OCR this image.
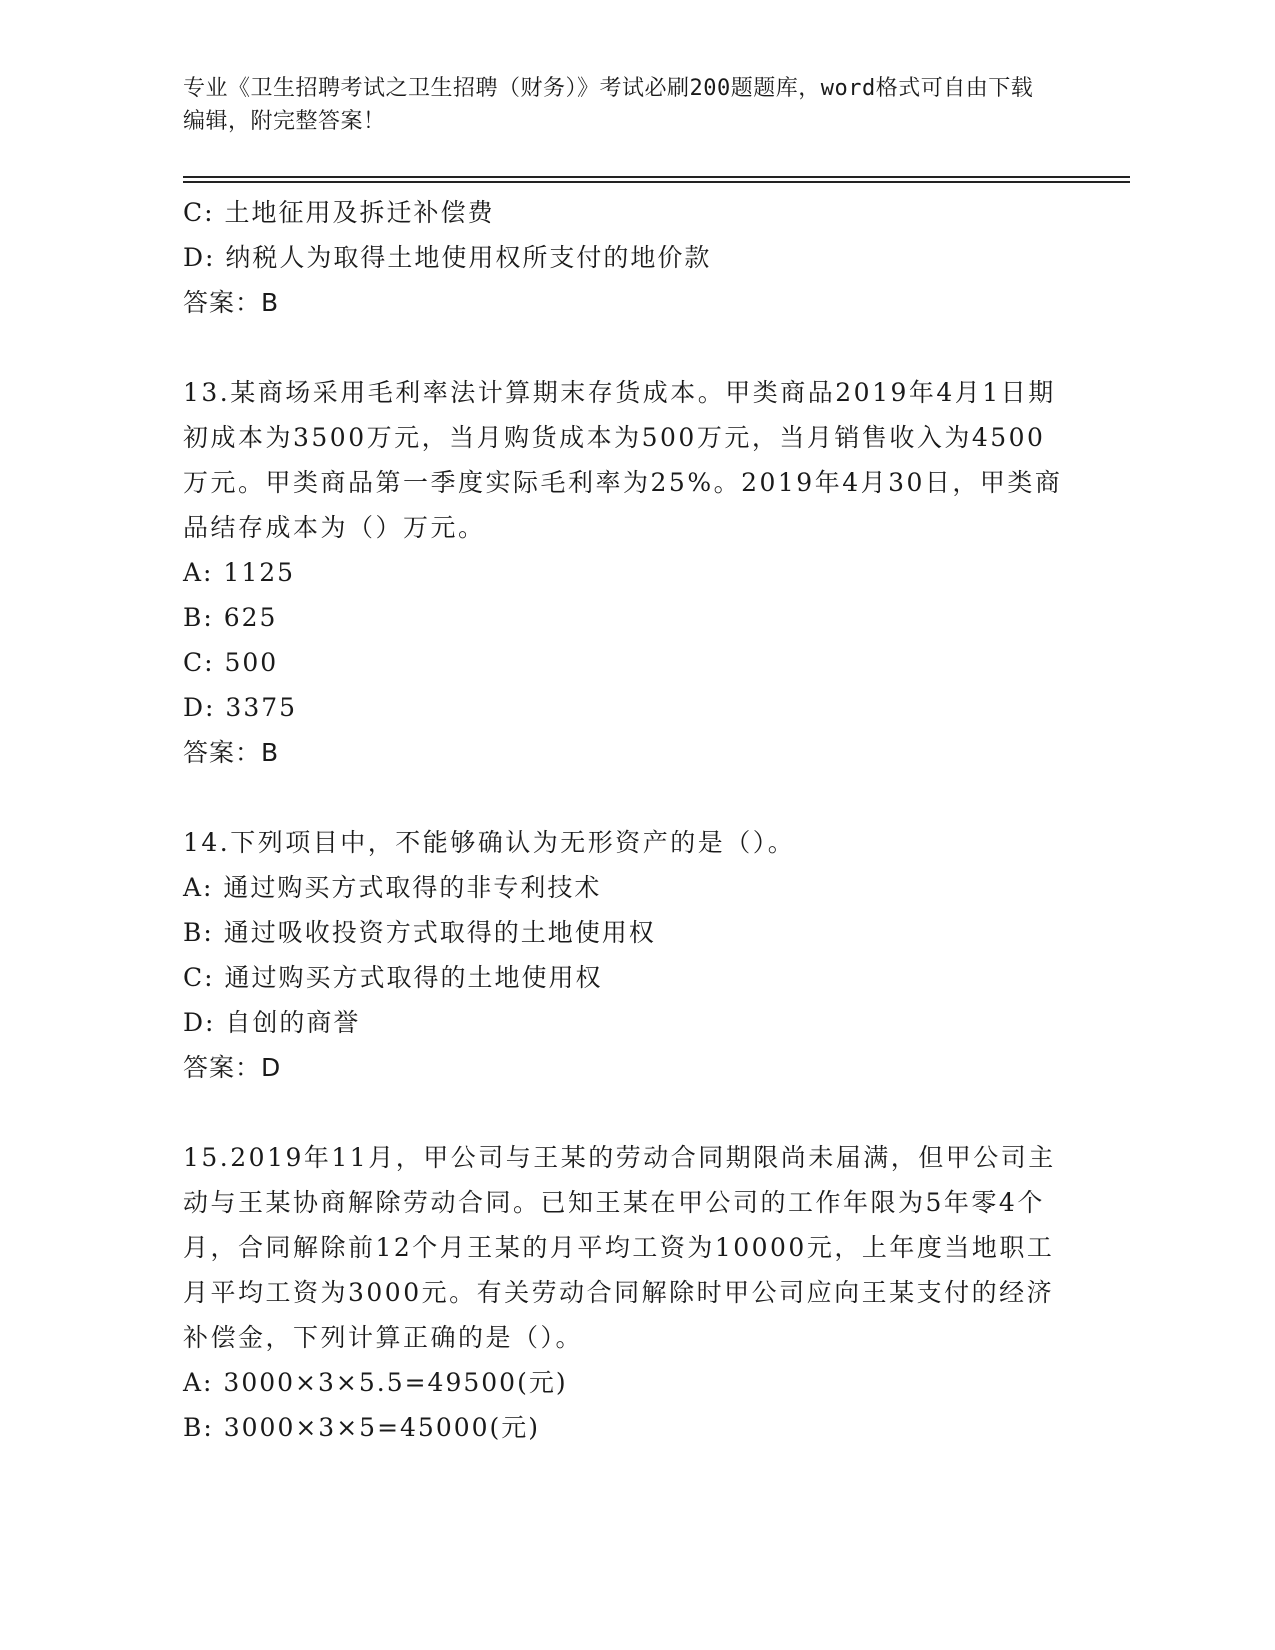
专业《卫生招聘考试之卫生招聘（财务）》考试必刷200题题库，word格式可自由下载编辑，附完整答案！
C: 土地征用及拆迁补偿费
D: 纳税人为取得土地使用权所支付的地价款
答案：B
13.某商场采用毛利率法计算期末存货成本。甲类商品2019年4月1日期初成本为3500万元，当月购货成本为500万元，当月销售收入为4500万元。甲类商品第一季度实际毛利率为25%。2019年4月30日，甲类商品结存成本为（）万元。
A: 1125
B: 625
C: 500
D: 3375
答案：B
14.下列项目中，不能够确认为无形资产的是（）。
A: 通过购买方式取得的非专利技术
B: 通过吸收投资方式取得的土地使用权
C: 通过购买方式取得的土地使用权
D: 自创的商誉
答案：D
15.2019年11月，甲公司与王某的劳动合同期限尚未届满，但甲公司主动与王某协商解除劳动合同。已知王某在甲公司的工作年限为5年零4个月，合同解除前12个月王某的月平均工资为10000元，上年度当地职工月平均工资为3000元。有关劳动合同解除时甲公司应向王某支付的经济补偿金，下列计算正确的是（）。
A: 3000×3×5.5=49500(元)
B: 3000×3×5=45000(元)
